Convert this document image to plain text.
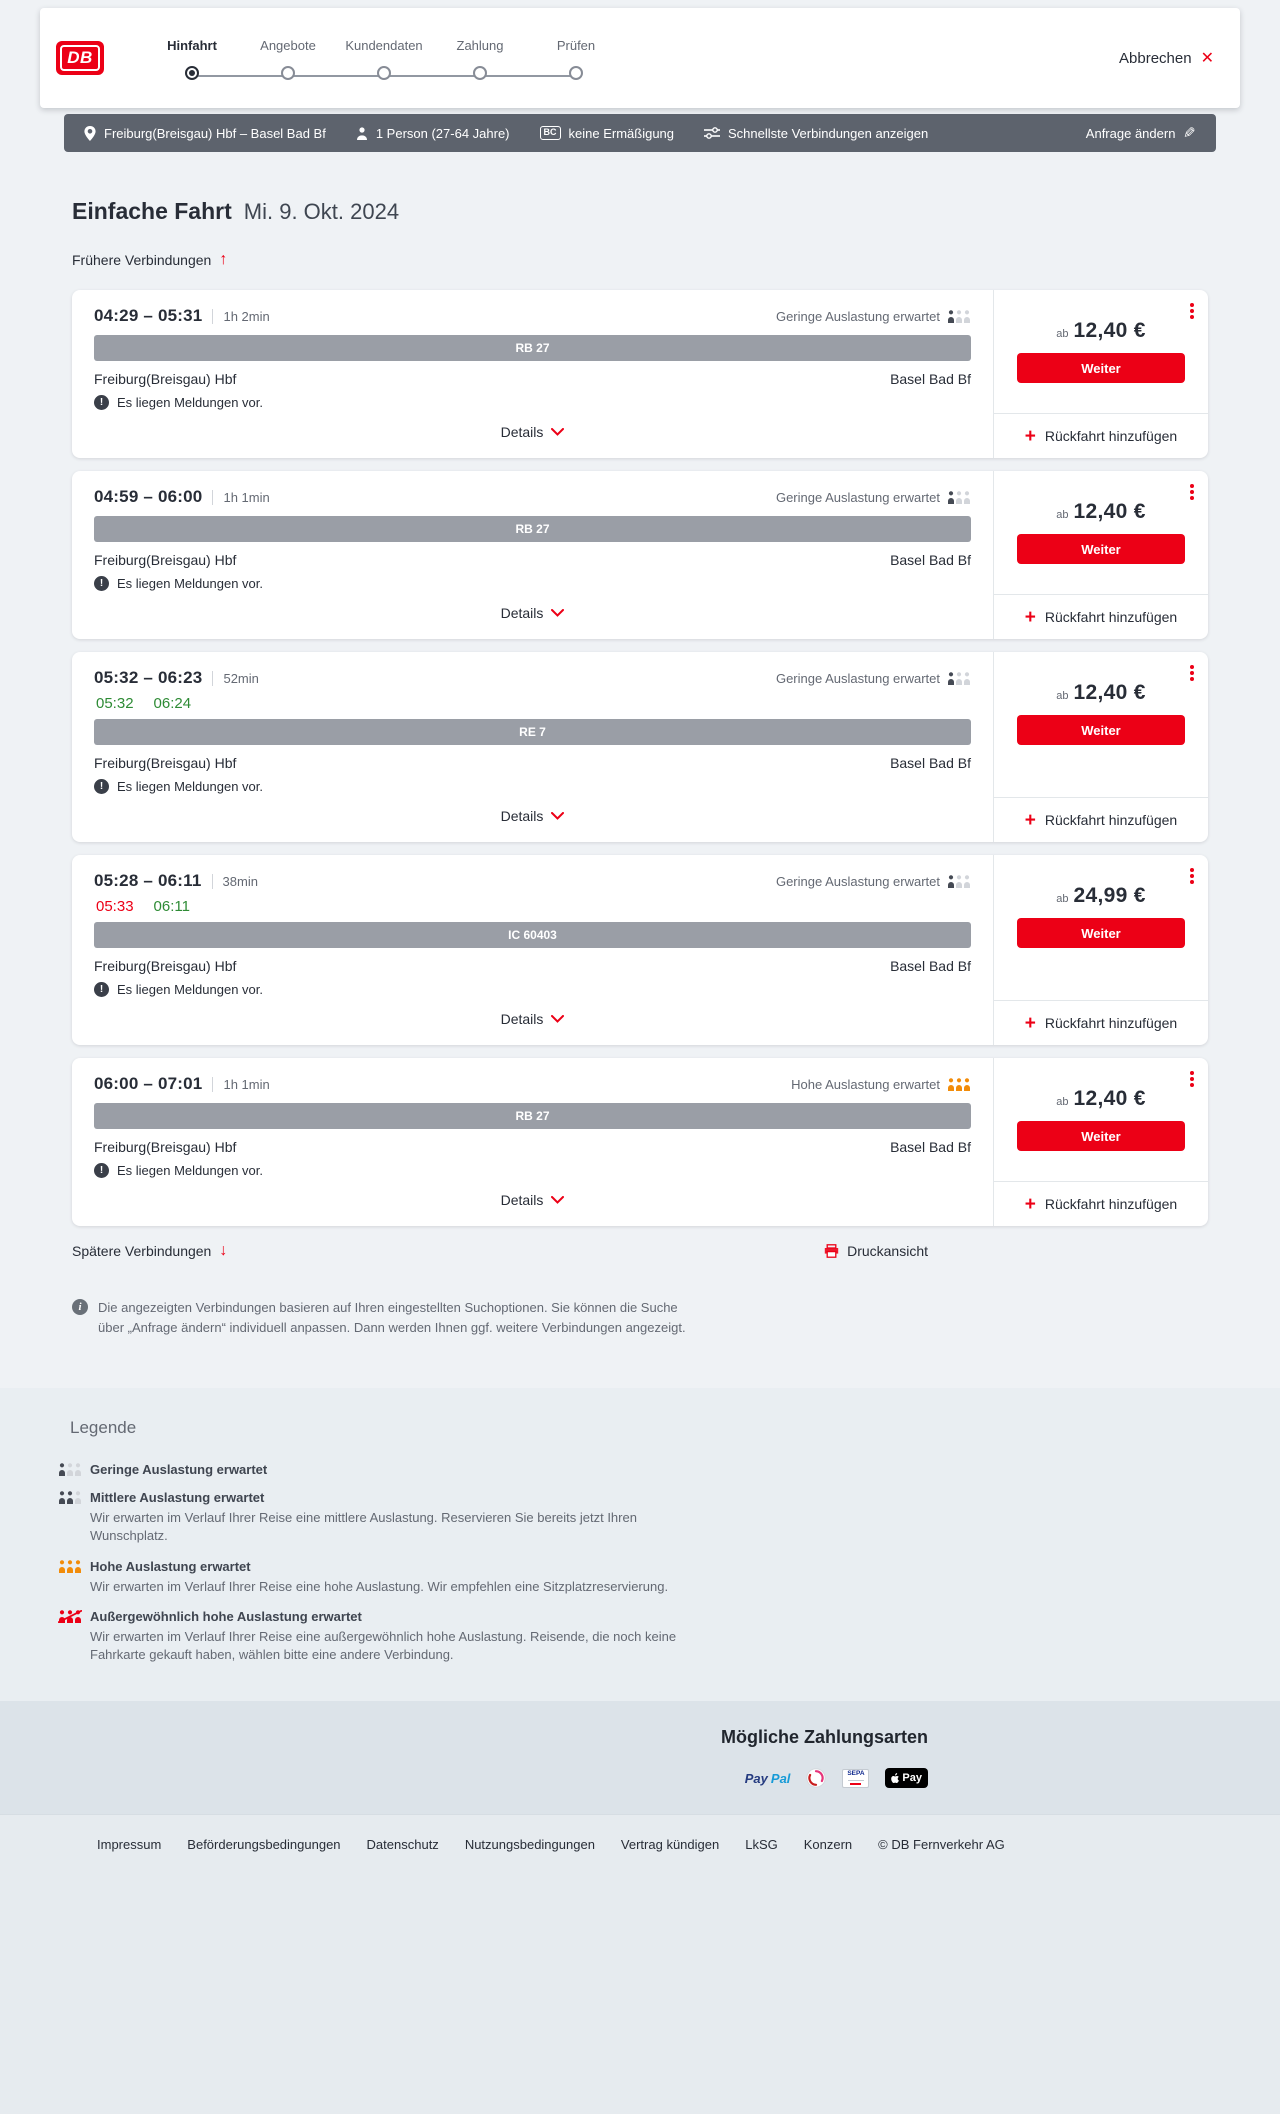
DB
Hinfahrt	Angebote	Kundendaten	Zahlung	Prüfen
Abbrechen
✕
Freiburg(Breisgau) Hbf – Basel Bad Bf	1 Person (27-64 Jahre)	BC keine Ermäßigung	Schnellste Verbindungen anzeigen	Anfrage ändern
✎
Einfache Fahrt Mi. 9. Okt. 2024
Frühere Verbindungen
↑
04:29 – 05:31 1h 2min	Geringe Auslastung erwartet
RB 27
Freiburg(Breisgau) Hbf	Basel Bad Bf
!
Es liegen Meldungen vor.
Details
ab 12,40 €
Weiter
+
Rückfahrt hinzufügen
04:59 – 06:00 1h 1min	Geringe Auslastung erwartet
RB 27
Freiburg(Breisgau) Hbf	Basel Bad Bf
!
Es liegen Meldungen vor.
Details
ab 12,40 €
Weiter
+
Rückfahrt hinzufügen
05:32 – 06:23 52min	Geringe Auslastung erwartet
05:32 06:24
RE 7
Freiburg(Breisgau) Hbf	Basel Bad Bf
!
Es liegen Meldungen vor.
Details
ab 12,40 €
Weiter
+
Rückfahrt hinzufügen
05:28 – 06:11 38min	Geringe Auslastung erwartet
05:33 06:11
IC 60403
Freiburg(Breisgau) Hbf	Basel Bad Bf
!
Es liegen Meldungen vor.
Details
ab 24,99 €
Weiter
+
Rückfahrt hinzufügen
06:00 – 07:01 1h 1min	Hohe Auslastung erwartet
RB 27
Freiburg(Breisgau) Hbf	Basel Bad Bf
!
Es liegen Meldungen vor.
Details
ab 12,40 €
Weiter
+
Rückfahrt hinzufügen
Spätere Verbindungen ↓	Druckansicht
i

Die angezeigten Verbindungen basieren auf Ihren eingestellten Suchoptionen. Sie können die Suche über „Anfrage ändern“ individuell anpassen. Dann werden Ihnen ggf. weitere Verbindungen angezeigt.

Legende
Geringe Auslastung erwartet
Mittlere Auslastung erwartet

Wir erwarten im Verlauf Ihrer Reise eine mittlere Auslastung. Reservieren Sie bereits jetzt Ihren Wunschplatz.

Hohe Auslastung erwartet

Wir erwarten im Verlauf Ihrer Reise eine hohe Auslastung. Wir empfehlen eine Sitzplatzreservierung.

Außergewöhnlich hohe Auslastung erwartet

Wir erwarten im Verlauf Ihrer Reise eine außergewöhnlich hohe Auslastung. Reisende, die noch keine Fahrkarte gekauft haben, wählen bitte eine andere Verbindung.

Mögliche Zahlungsarten
Pay Pal	SEPA	Pay
Impressum Beförderungsbedingungen Datenschutz Nutzungsbedingungen Vertrag kündigen LkSG Konzern © DB Fernverkehr AG
